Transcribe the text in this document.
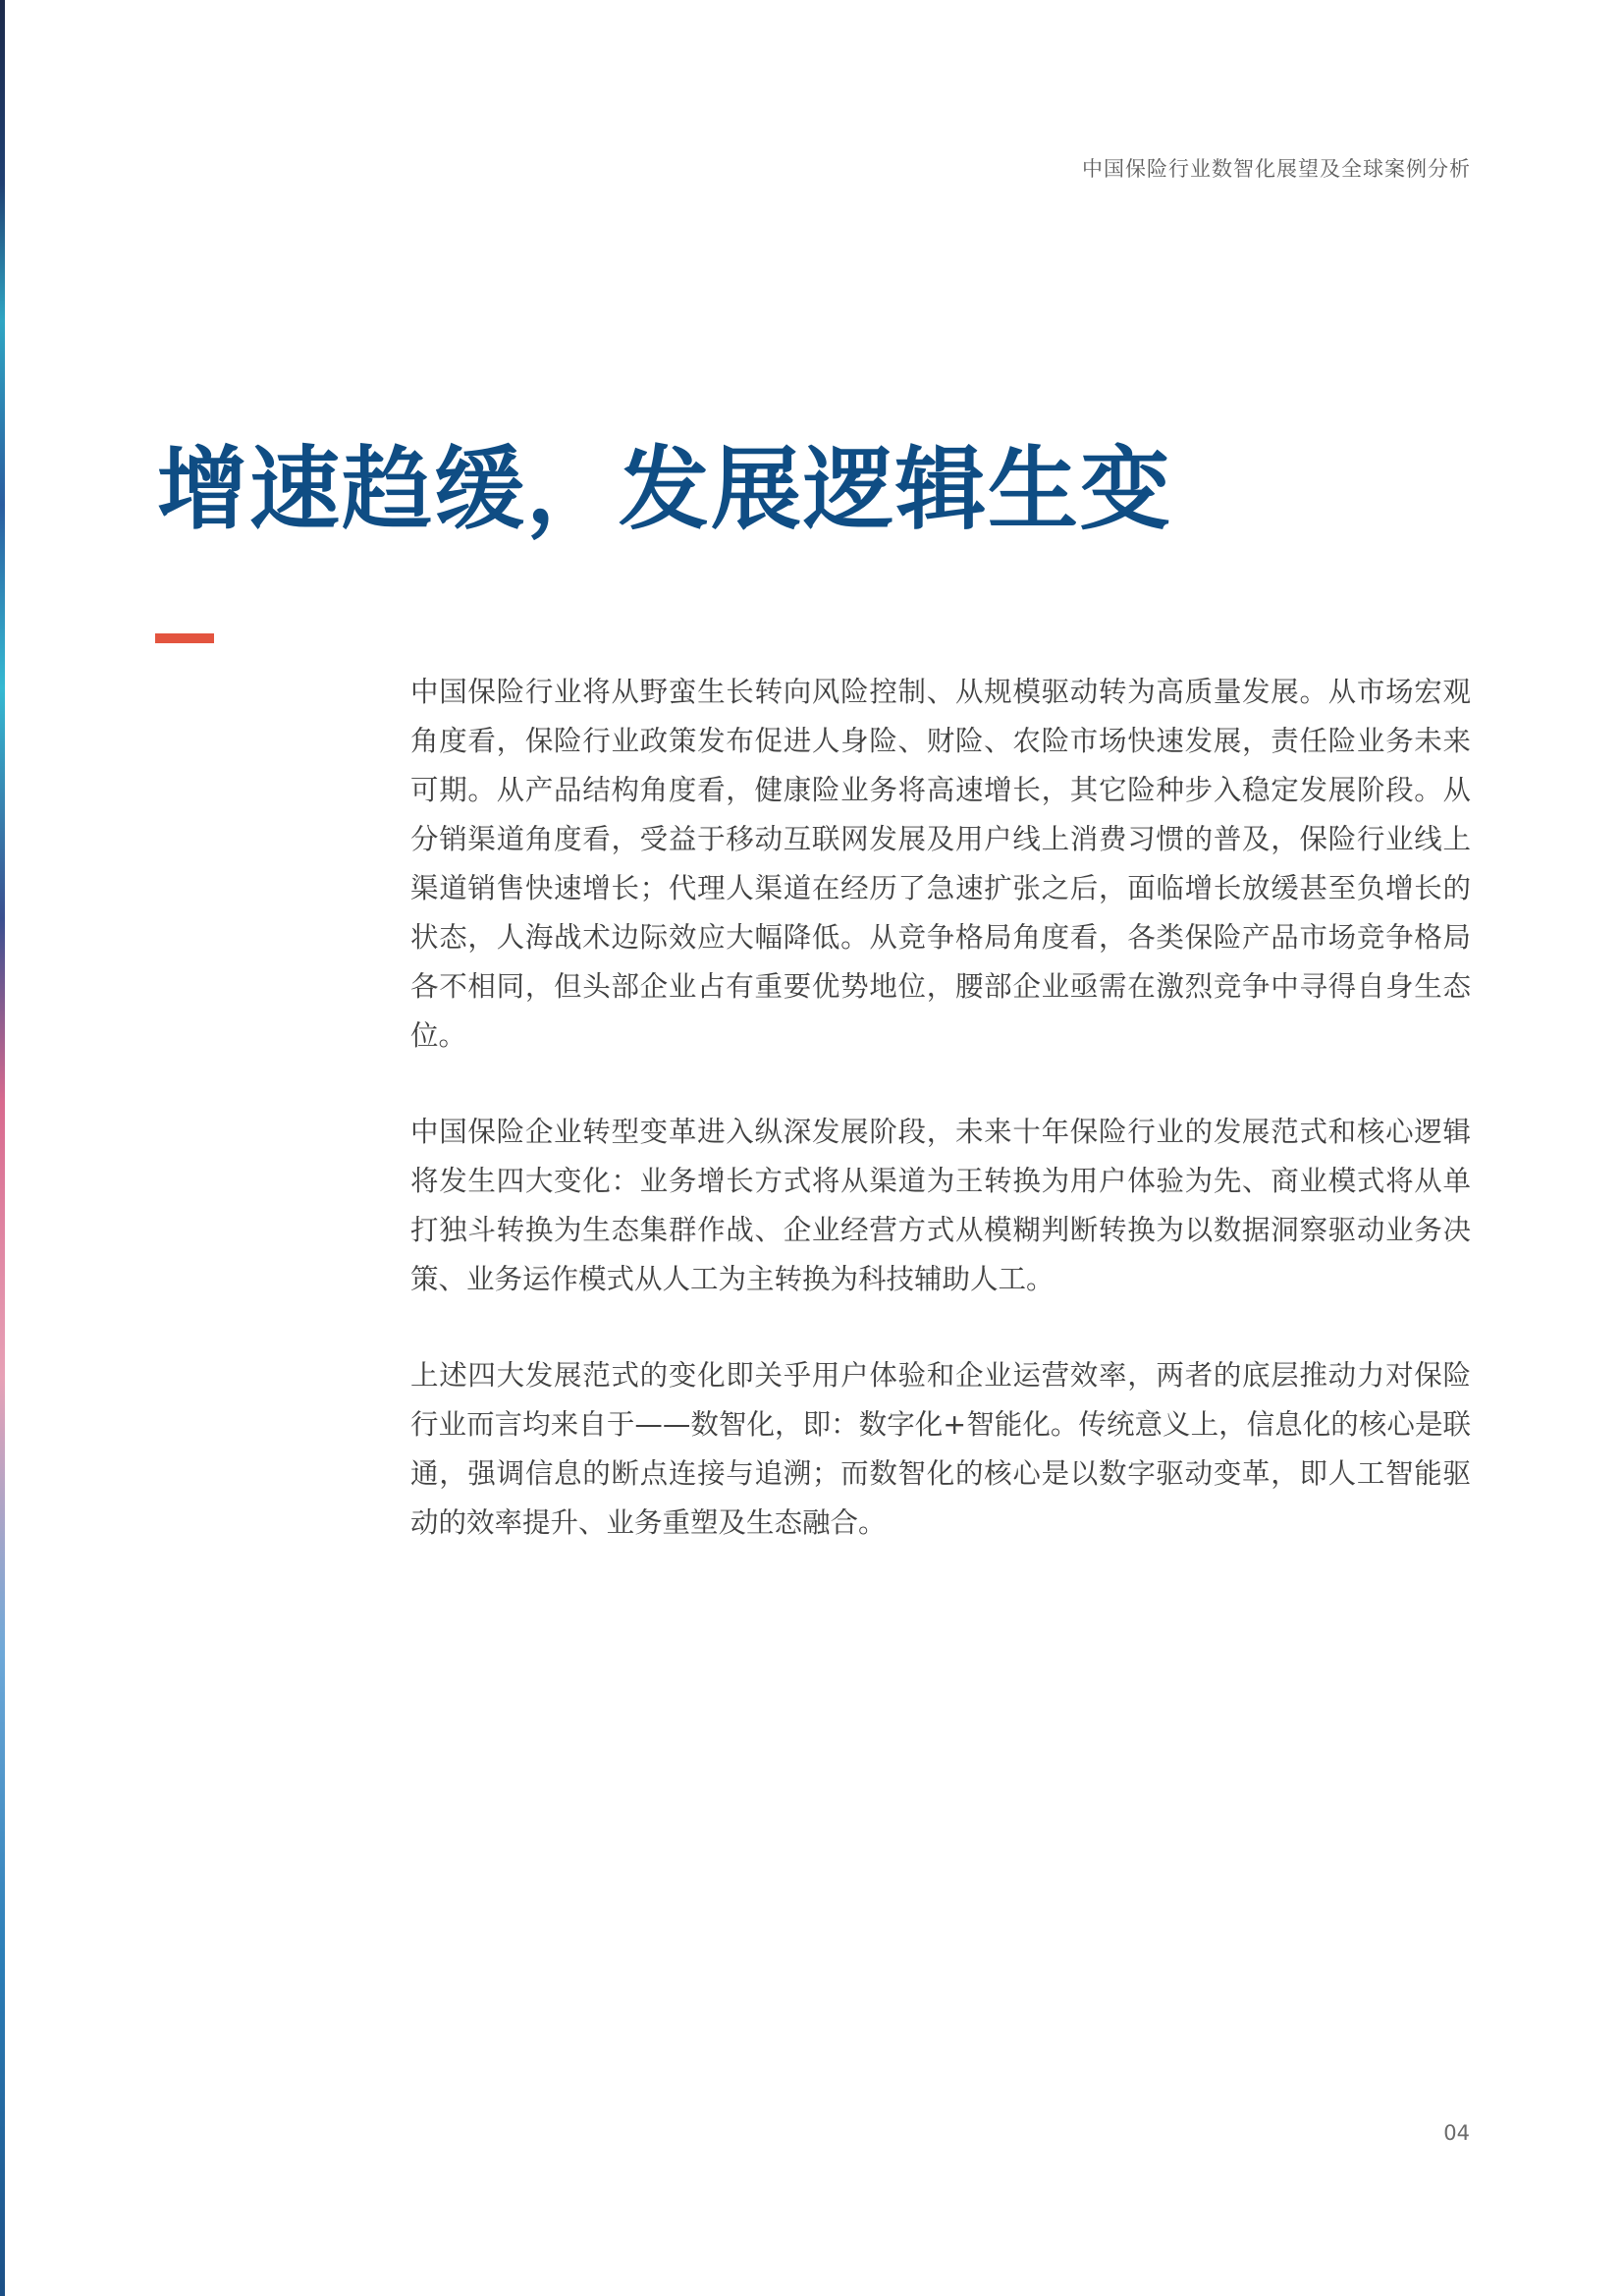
中国保险行业数智化展望及全球案例分析
增速趋缓，发展逻辑生变

中国保险行业将从野蛮生长转向风险控制、从规模驱动转为高质量发展。从市场宏观角度看，保险行业政策发布促进人身险、财险、农险市场快速发展，责任险业务未来可期。从产品结构角度看，健康险业务将高速增长，其它险种步入稳定发展阶段。从分销渠道角度看，受益于移动互联网发展及用户线上消费习惯的普及，保险行业线上渠道销售快速增长；代理人渠道在经历了急速扩张之后，面临增长放缓甚至负增长的状态，人海战术边际效应大幅降低。从竞争格局角度看，各类保险产品市场竞争格局各不相同，但头部企业占有重要优势地位，腰部企业亟需在激烈竞争中寻得自身生态位。

中国保险企业转型变革进入纵深发展阶段，未来十年保险行业的发展范式和核心逻辑将发生四大变化：业务增长方式将从渠道为王转换为用户体验为先、商业模式将从单打独斗转换为生态集群作战、企业经营方式从模糊判断转换为以数据洞察驱动业务决策、业务运作模式从人工为主转换为科技辅助人工。

上述四大发展范式的变化即关乎用户体验和企业运营效率，两者的底层推动力对保险行业而言均来自于——数智化，即：数字化+智能化。传统意义上，信息化的核心是联通，强调信息的断点连接与追溯；而数智化的核心是以数字驱动变革，即人工智能驱动的效率提升、业务重塑及生态融合。

04
